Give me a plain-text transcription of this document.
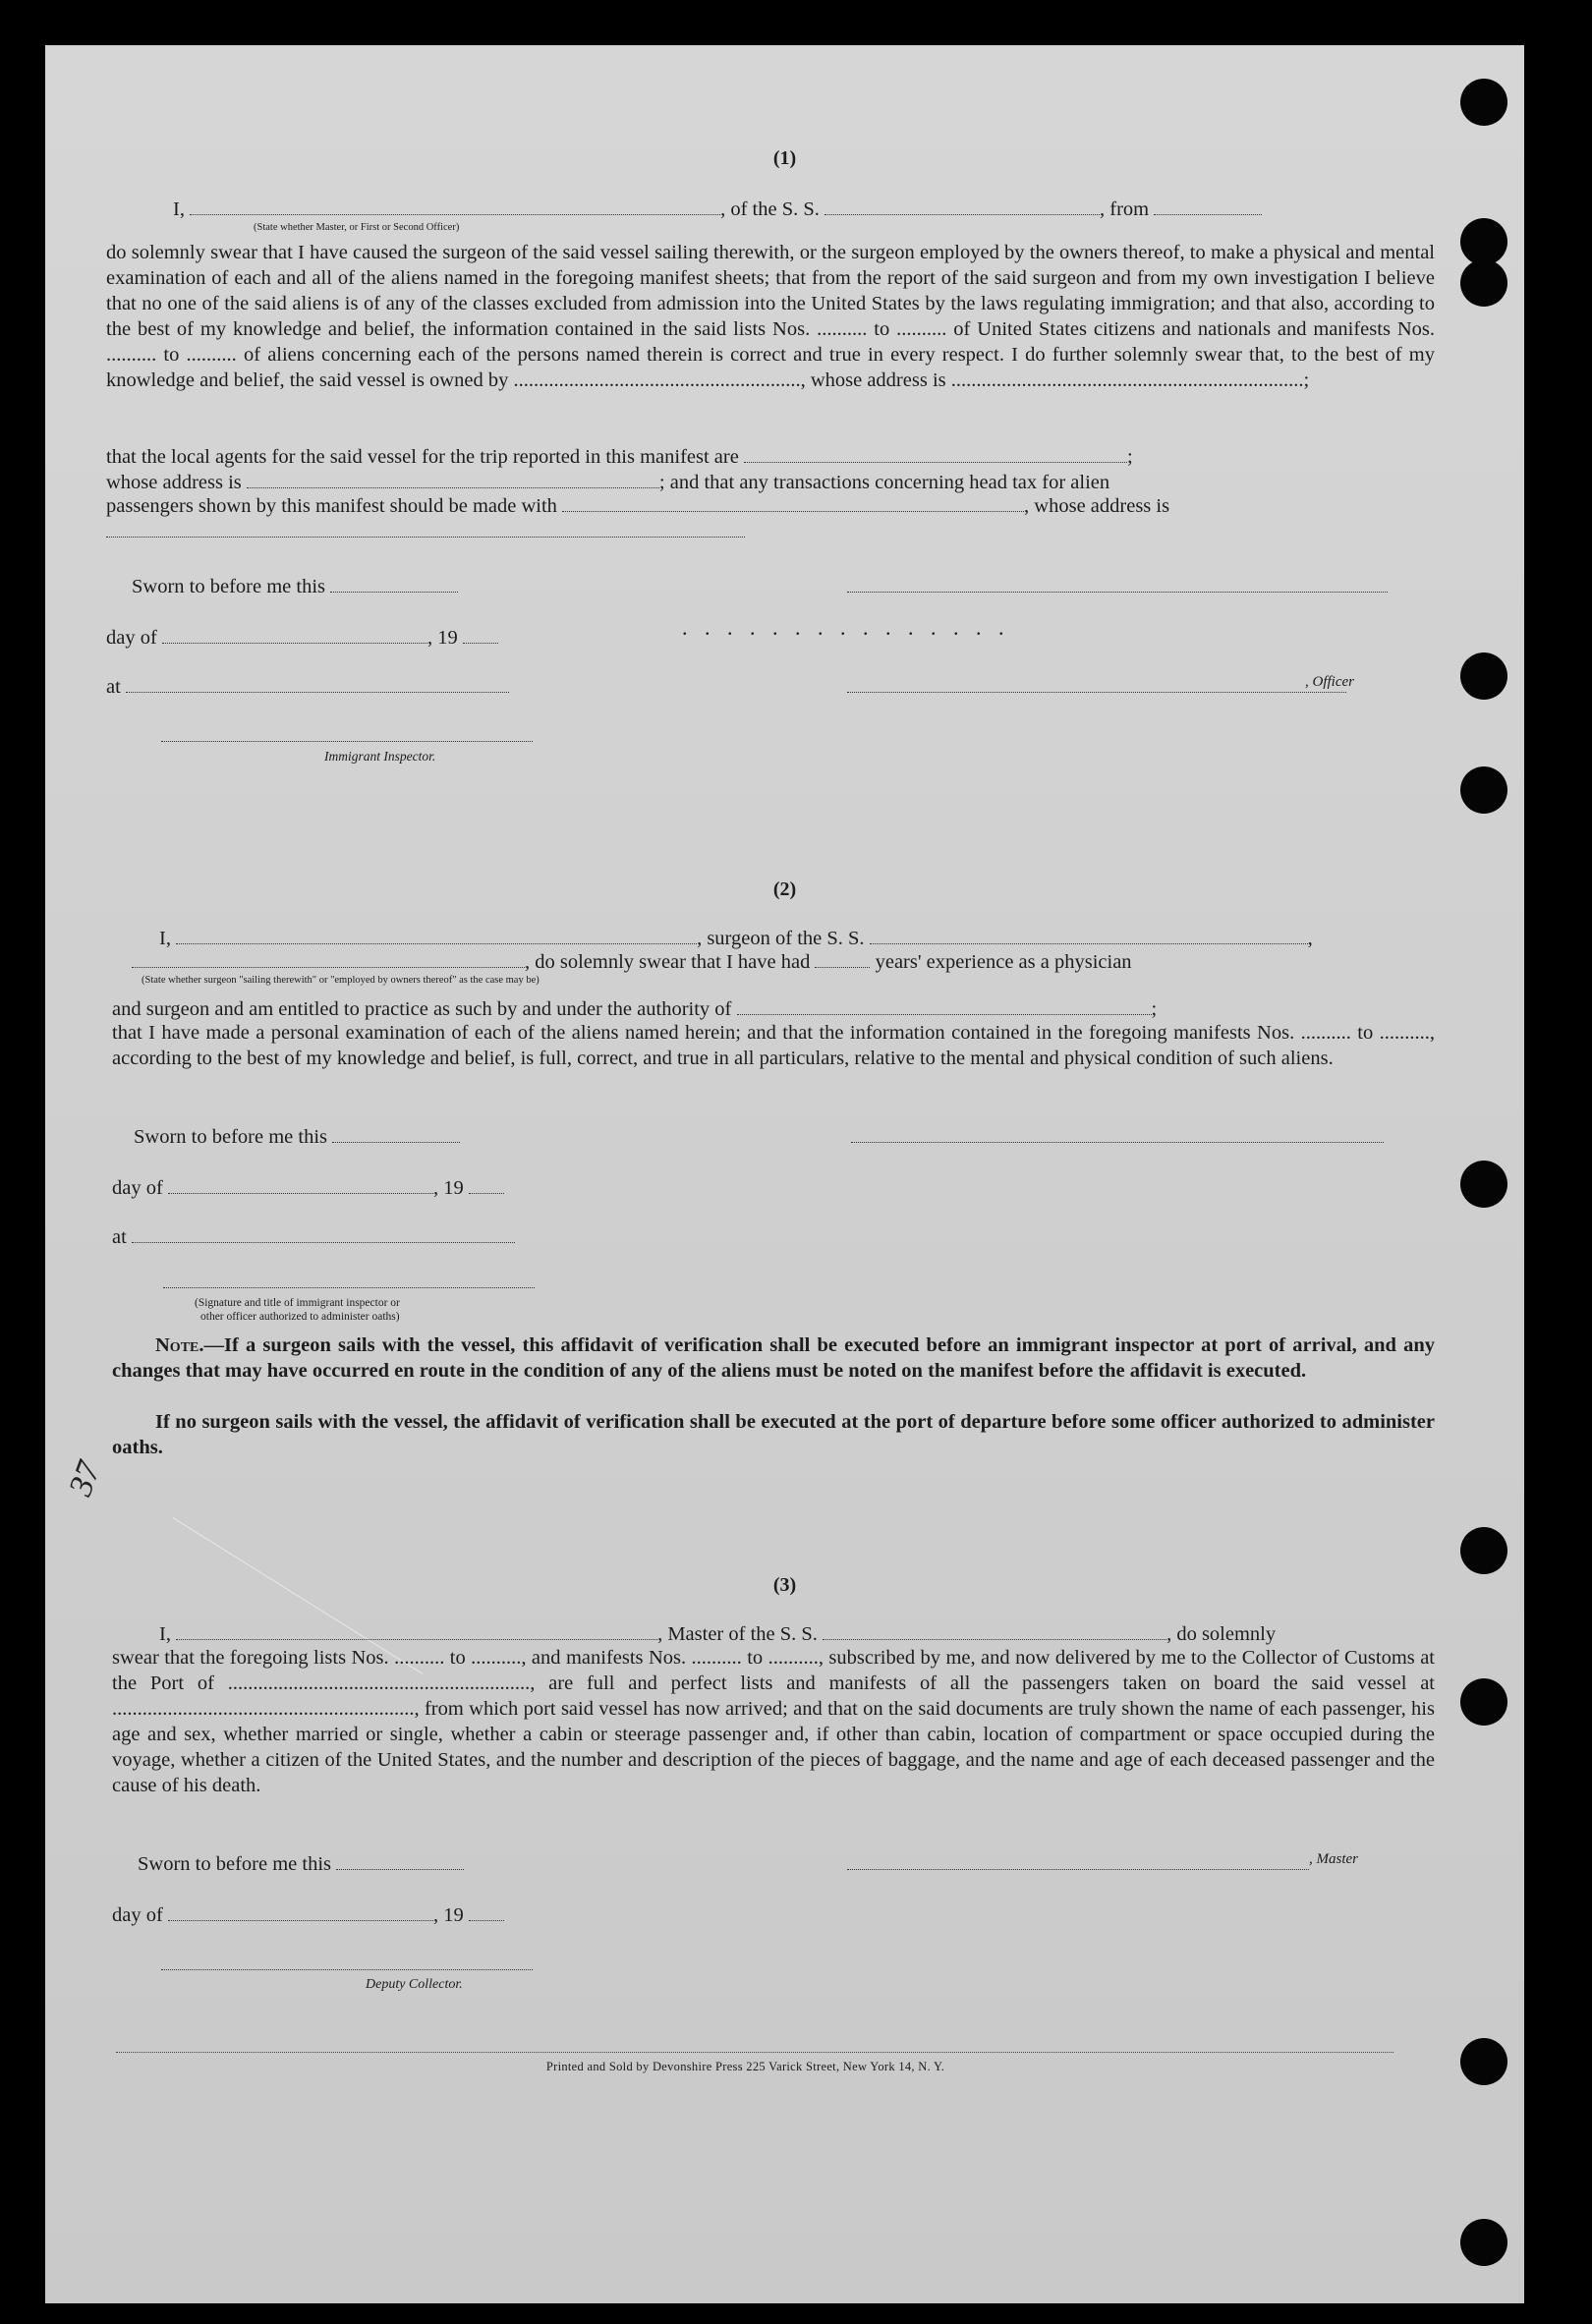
(1)
I,	, of the S. S.	, from
(State whether Master, or First or Second Officer)
do solemnly swear that I have caused the surgeon of the said vessel sailing therewith, or the surgeon employed by the owners thereof, to make a physical and mental examination of each and all of the aliens named in the foregoing manifest sheets; that from the report of the said surgeon and from my own investigation I believe that no one of the said aliens is of any of the classes excluded from admission into the United States by the laws regulating immigration; and that also, according to the best of my knowledge and belief, the information contained in the said lists Nos. .......... to .......... of United States citizens and nationals and manifests Nos. .......... to .......... of aliens concerning each of the persons named therein is correct and true in every respect. I do further solemnly swear that, to the best of my knowledge and belief, the said vessel is owned by ........................................................., whose address is ......................................................................;
that the local agents for the said vessel for the trip reported in this manifest are	;
whose address is	; and that any transactions concerning head tax for alien
passengers shown by this manifest should be made with	, whose address is
Sworn to before me this
day of	, 19	. . . . . . . . . . . . . . .
at	, Officer
Immigrant Inspector.
(2)
I,	, surgeon of the S. S.	,
, do solemnly swear that I have had	years' experience as a physician
(State whether surgeon "sailing therewith" or "employed by owners thereof" as the case may be)
and surgeon and am entitled to practice as such by and under the authority of	;
that I have made a personal examination of each of the aliens named herein; and that the information contained in the foregoing manifests Nos. .......... to .........., according to the best of my knowledge and belief, is full, correct, and true in all particulars, relative to the mental and physical condition of such aliens.
Sworn to before me this
day of	, 19
at
(Signature and title of immigrant inspector or
other officer authorized to administer oaths)
Note.—If a surgeon sails with the vessel, this affidavit of verification shall be executed before an immigrant inspector at port of arrival, and any changes that may have occurred en route in the condition of any of the aliens must be noted on the manifest before the affidavit is executed.
If no surgeon sails with the vessel, the affidavit of verification shall be executed at the port of departure before some officer authorized to administer oaths.
37
(3)
I,	, Master of the S. S.	, do solemnly
swear that the foregoing lists Nos. .......... to .........., and manifests Nos. .......... to .........., subscribed by me, and now delivered by me to the Collector of Customs at the Port of ............................................................, are full and perfect lists and manifests of all the passengers taken on board the said vessel at ............................................................, from which port said vessel has now arrived; and that on the said documents are truly shown the name of each passenger, his age and sex, whether married or single, whether a cabin or steerage passenger and, if other than cabin, location of compartment or space occupied during the voyage, whether a citizen of the United States, and the number and description of the pieces of baggage, and the name and age of each deceased passenger and the cause of his death.
Sworn to before me this	, Master
day of	, 19
Deputy Collector.
Printed and Sold by Devonshire Press 225 Varick Street, New York 14, N. Y.
